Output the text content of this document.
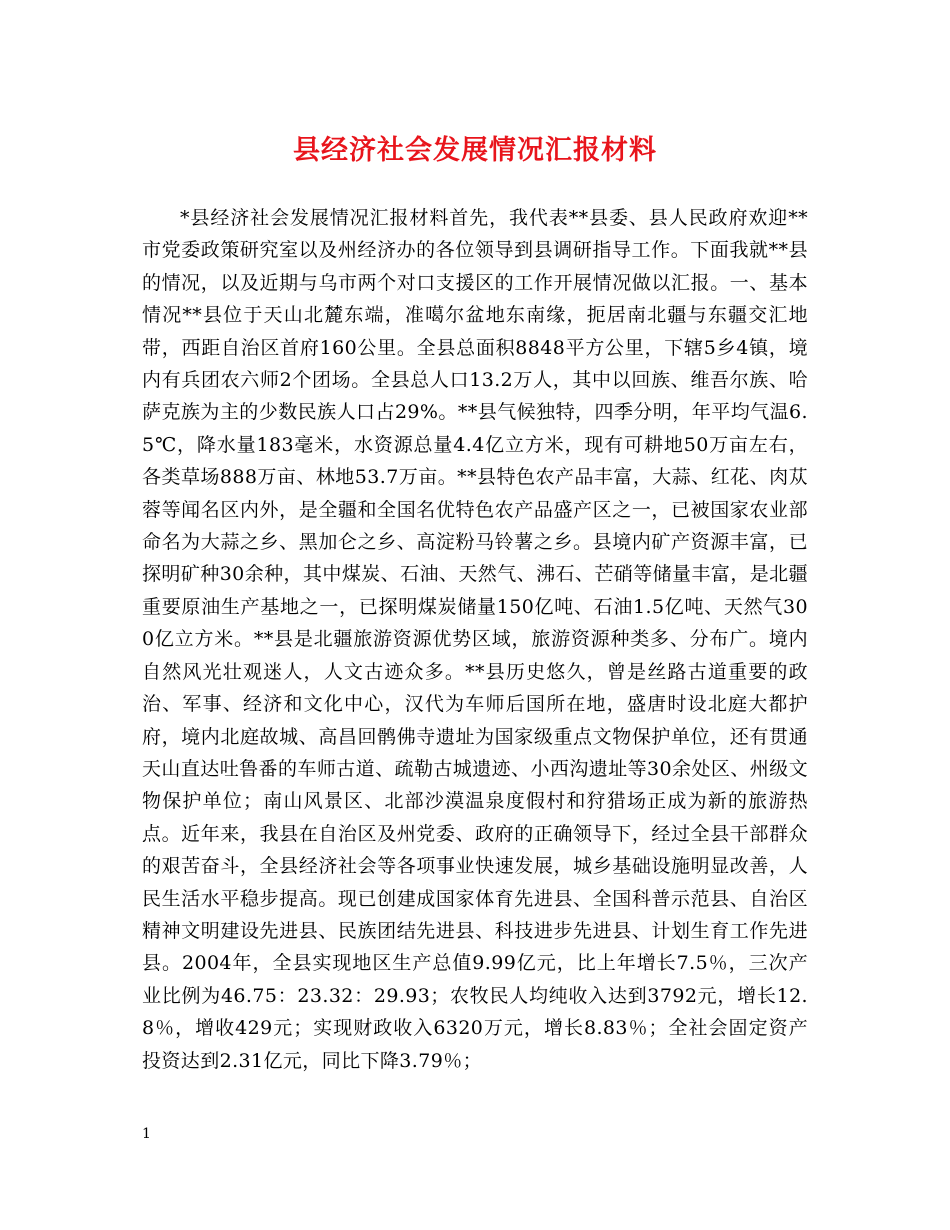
县经济社会发展情况汇报材料

*县经济社会发展情况汇报材料首先，我代表**县委、县人民政府欢迎**市党委政策研究室以及州经济办的各位领导到县调研指导工作。下面我就**县的情况，以及近期与乌市两个对口支援区的工作开展情况做以汇报。一、基本情况**县位于天山北麓东端，准噶尔盆地东南缘，扼居南北疆与东疆交汇地带，西距自治区首府160公里。全县总面积8848平方公里，下辖5乡4镇，境内有兵团农六师2个团场。全县总人口13.2万人，其中以回族、维吾尔族、哈萨克族为主的少数民族人口占29%。**县气候独特，四季分明，年平均气温6.5℃，降水量183毫米，水资源总量4.4亿立方米，现有可耕地50万亩左右，各类草场888万亩、林地53.7万亩。**县特色农产品丰富，大蒜、红花、肉苁蓉等闻名区内外，是全疆和全国名优特色农产品盛产区之一，已被国家农业部命名为大蒜之乡、黑加仑之乡、高淀粉马铃薯之乡。县境内矿产资源丰富，已探明矿种30余种，其中煤炭、石油、天然气、沸石、芒硝等储量丰富，是北疆重要原油生产基地之一，已探明煤炭储量150亿吨、石油1.5亿吨、天然气300亿立方米。**县是北疆旅游资源优势区域，旅游资源种类多、分布广。境内自然风光壮观迷人，人文古迹众多。**县历史悠久，曾是丝路古道重要的政治、军事、经济和文化中心，汉代为车师后国所在地，盛唐时设北庭大都护府，境内北庭故城、高昌回鹘佛寺遗址为国家级重点文物保护单位，还有贯通天山直达吐鲁番的车师古道、疏勒古城遗迹、小西沟遗址等30余处区、州级文物保护单位；南山风景区、北部沙漠温泉度假村和狩猎场正成为新的旅游热点。近年来，我县在自治区及州党委、政府的正确领导下，经过全县干部群众的艰苦奋斗，全县经济社会等各项事业快速发展，城乡基础设施明显改善，人民生活水平稳步提高。现已创建成国家体育先进县、全国科普示范县、自治区精神文明建设先进县、民族团结先进县、科技进步先进县、计划生育工作先进县。2004年，全县实现地区生产总值9.99亿元，比上年增长7.5％，三次产业比例为46.75：23.32：29.93；农牧民人均纯收入达到3792元，增长12.8％，增收429元；实现财政收入6320万元，增长8.83％；全社会固定资产投资达到2.31亿元，同比下降3.79％；

1
